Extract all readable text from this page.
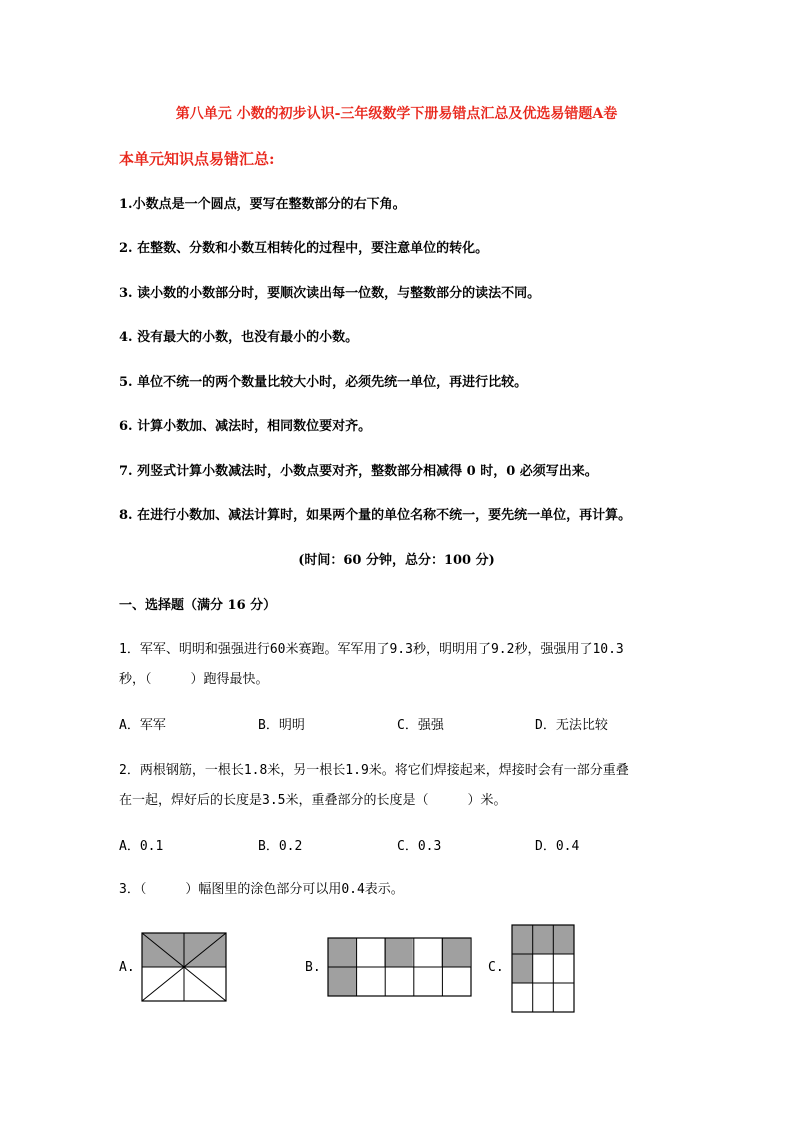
第八单元 小数的初步认识-三年级数学下册易错点汇总及优选易错题A卷
本单元知识点易错汇总:
1.小数点是一个圆点，要写在整数部分的右下角。
2. 在整数、分数和小数互相转化的过程中，要注意单位的转化。
3. 读小数的小数部分时，要顺次读出每一位数，与整数部分的读法不同。
4. 没有最大的小数，也没有最小的小数。
5. 单位不统一的两个数量比较大小时，必须先统一单位，再进行比较。
6. 计算小数加、减法时，相同数位要对齐。
7. 列竖式计算小数减法时，小数点要对齐，整数部分相减得 0 时，0 必须写出来。
8. 在进行小数加、减法计算时，如果两个量的单位名称不统一，要先统一单位，再计算。
(时间：60 分钟，总分：100 分)
一、选择题（满分 16 分）
1．军军、明明和强强进行60米赛跑。军军用了9.3秒，明明用了9.2秒，强强用了10.3
秒，（　　　）跑得最快。
A．军军	B．明明	C．强强	D．无法比较
2．两根钢筋，一根长1.8米，另一根长1.9米。将它们焊接起来，焊接时会有一部分重叠
在一起，焊好后的长度是3.5米，重叠部分的长度是（　　　）米。
A．0.1	B．0.2	C．0.3	D．0.4
3．（　　　）幅图里的涂色部分可以用0.4表示。
A.	B.	C.
